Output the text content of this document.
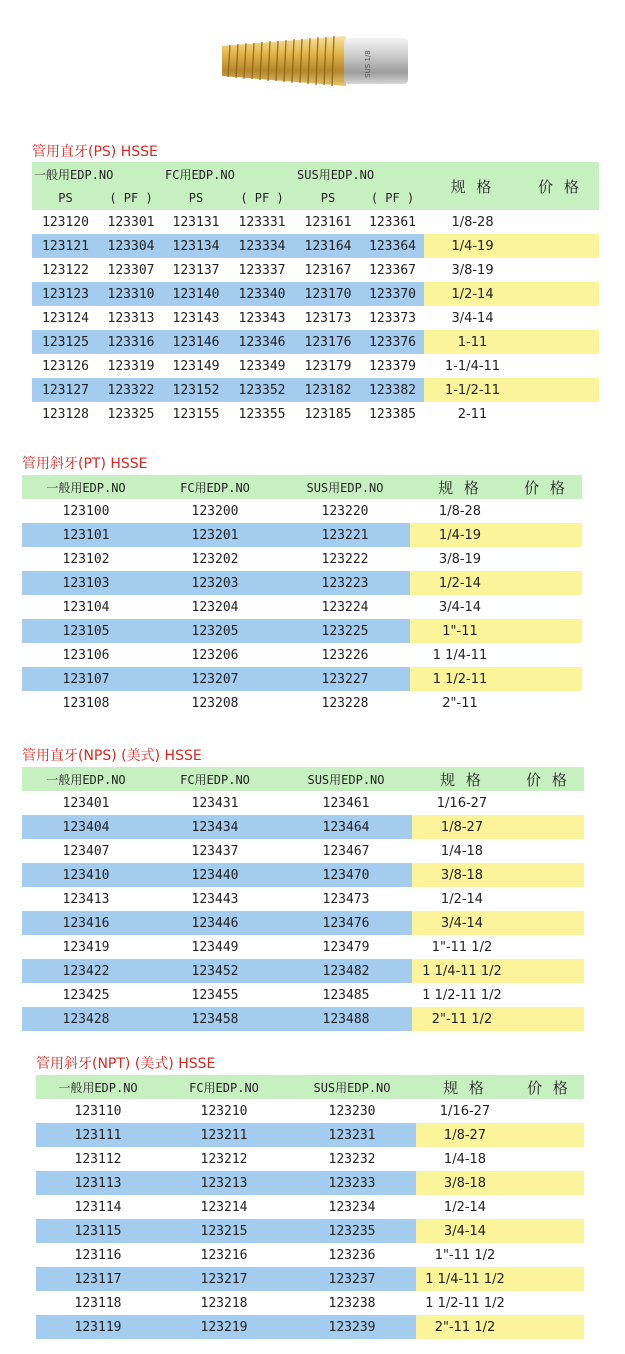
SUS 1/8
管用直牙(PS) HSSE
一般用EDP.NO		FC用EDP.NO		SUS用EDP.NO		规 格	价 格
PS	( PF )	PS	( PF )	PS	( PF )		
123120	123301	123131	123331	123161	123361	1/8-28	
123121	123304	123134	123334	123164	123364	1/4-19	
123122	123307	123137	123337	123167	123367	3/8-19	
123123	123310	123140	123340	123170	123370	1/2-14	
123124	123313	123143	123343	123173	123373	3/4-14	
123125	123316	123146	123346	123176	123376	1-11	
123126	123319	123149	123349	123179	123379	1-1/4-11	
123127	123322	123152	123352	123182	123382	1-1/2-11	
123128	123325	123155	123355	123185	123385	2-11	
管用斜牙(PT) HSSE
一般用EDP.NO	FC用EDP.NO	SUS用EDP.NO	规 格	价 格
123100	123200	123220	1/8-28	
123101	123201	123221	1/4-19	
123102	123202	123222	3/8-19	
123103	123203	123223	1/2-14	
123104	123204	123224	3/4-14	
123105	123205	123225	1"-11	
123106	123206	123226	1 1/4-11	
123107	123207	123227	1 1/2-11	
123108	123208	123228	2"-11	
管用直牙(NPS) (美式) HSSE
一般用EDP.NO	FC用EDP.NO	SUS用EDP.NO	规 格	价 格
123401	123431	123461	1/16-27	
123404	123434	123464	1/8-27	
123407	123437	123467	1/4-18	
123410	123440	123470	3/8-18	
123413	123443	123473	1/2-14	
123416	123446	123476	3/4-14	
123419	123449	123479	1"-11 1/2	
123422	123452	123482	1 1/4-11 1/2	
123425	123455	123485	1 1/2-11 1/2	
123428	123458	123488	2"-11 1/2	
管用斜牙(NPT) (美式) HSSE
一般用EDP.NO	FC用EDP.NO	SUS用EDP.NO	规 格	价 格
123110	123210	123230	1/16-27	
123111	123211	123231	1/8-27	
123112	123212	123232	1/4-18	
123113	123213	123233	3/8-18	
123114	123214	123234	1/2-14	
123115	123215	123235	3/4-14	
123116	123216	123236	1"-11 1/2	
123117	123217	123237	1 1/4-11 1/2	
123118	123218	123238	1 1/2-11 1/2	
123119	123219	123239	2"-11 1/2	
